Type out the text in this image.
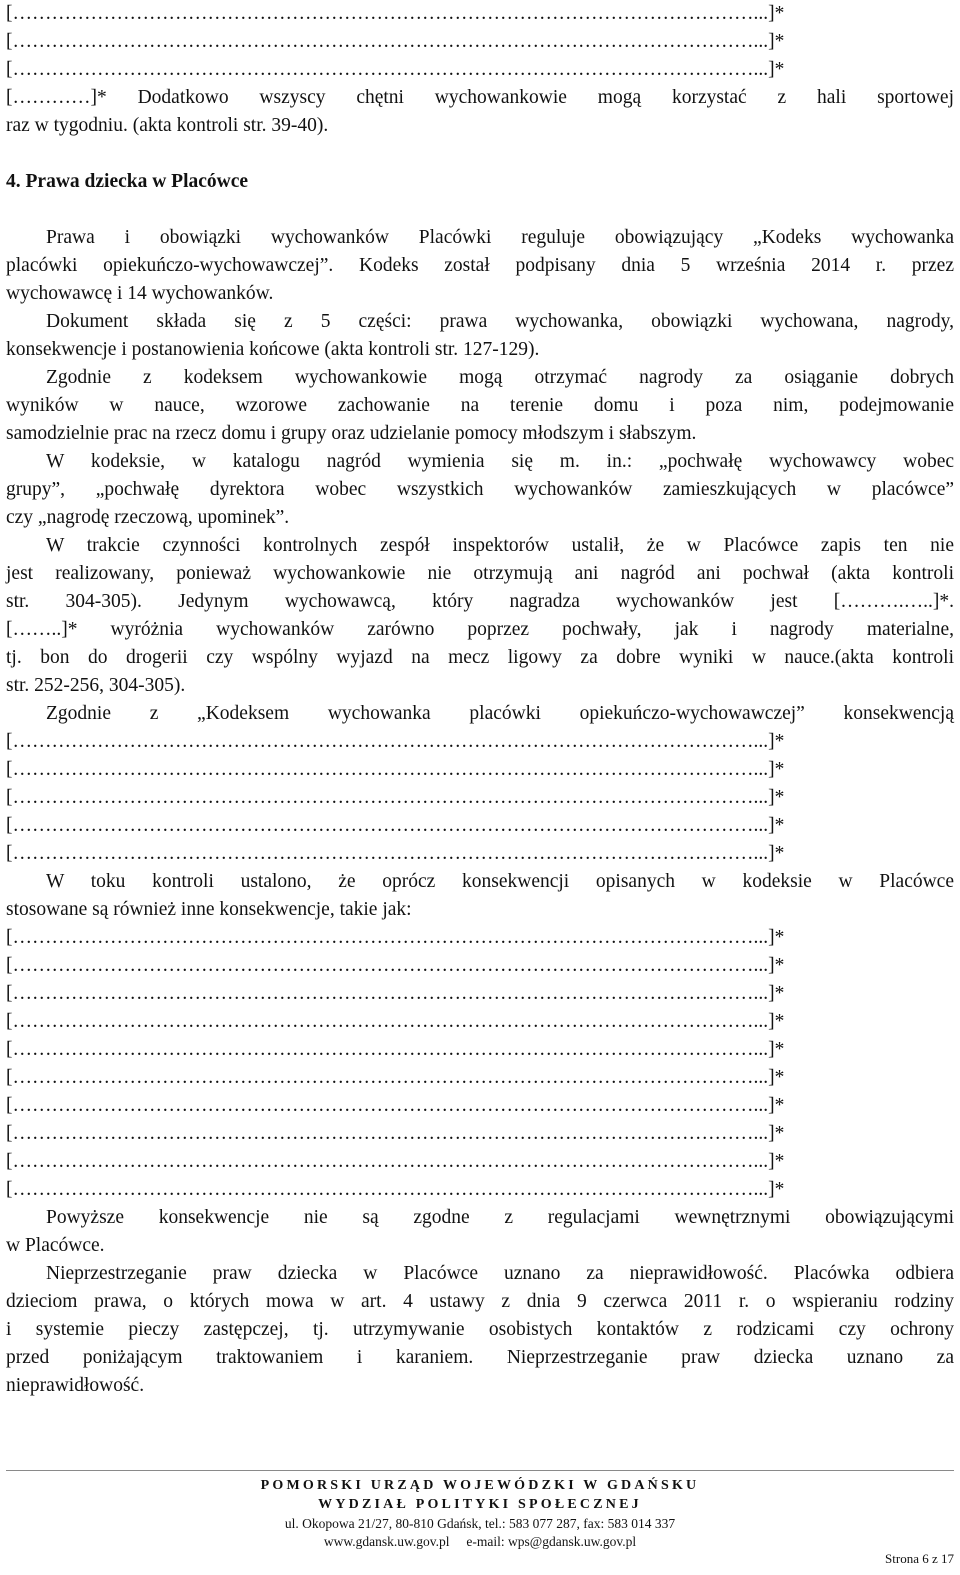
[……………………………………………………………………………………………………...]*
[……………………………………………………………………………………………………...]*
[……………………………………………………………………………………………………...]*
[…………]* Dodatkowo wszyscy chętni wychowankowie mogą korzystać z hali sportowej
raz w tygodniu. (akta kontroli str. 39-40).
4. Prawa dziecka w Placówce
Prawa i obowiązki wychowanków Placówki reguluje obowiązujący „Kodeks wychowanka
placówki opiekuńczo-wychowawczej”. Kodeks został podpisany dnia 5 września 2014 r. przez
wychowawcę i 14 wychowanków.
Dokument składa się z 5 części: prawa wychowanka, obowiązki wychowana, nagrody,
konsekwencje i postanowienia końcowe (akta kontroli str. 127-129).
Zgodnie z kodeksem wychowankowie mogą otrzymać nagrody za osiąganie dobrych
wyników w nauce, wzorowe zachowanie na terenie domu i poza nim, podejmowanie
samodzielnie prac na rzecz domu i grupy oraz udzielanie pomocy młodszym i słabszym.
W kodeksie, w katalogu nagród wymienia się m. in.: „pochwałę wychowawcy wobec
grupy”, „pochwałę dyrektora wobec wszystkich wychowanków zamieszkujących w placówce”
czy „nagrodę rzeczową, upominek”.
W trakcie czynności kontrolnych zespół inspektorów ustalił, że w Placówce zapis ten nie
jest realizowany, ponieważ wychowankowie nie otrzymują ani nagród ani pochwał (akta kontroli
str. 304-305). Jedynym wychowawcą, który nagradza wychowanków jest [……….…..]*.
[……..]* wyróżnia wychowanków zarówno poprzez pochwały, jak i nagrody materialne,
tj. bon do drogerii czy wspólny wyjazd na mecz ligowy za dobre wyniki w nauce.(akta kontroli
str. 252-256, 304-305).
Zgodnie z „Kodeksem wychowanka placówki opiekuńczo-wychowawczej” konsekwencją
[……………………………………………………………………………………………………...]*
[……………………………………………………………………………………………………...]*
[……………………………………………………………………………………………………...]*
[……………………………………………………………………………………………………...]*
[……………………………………………………………………………………………………...]*
W toku kontroli ustalono, że oprócz konsekwencji opisanych w kodeksie w Placówce
stosowane są również inne konsekwencje, takie jak:
[……………………………………………………………………………………………………...]*
[……………………………………………………………………………………………………...]*
[……………………………………………………………………………………………………...]*
[……………………………………………………………………………………………………...]*
[……………………………………………………………………………………………………...]*
[……………………………………………………………………………………………………...]*
[……………………………………………………………………………………………………...]*
[……………………………………………………………………………………………………...]*
[……………………………………………………………………………………………………...]*
[……………………………………………………………………………………………………...]*
Powyższe konsekwencje nie są zgodne z regulacjami wewnętrznymi obowiązującymi
w Placówce.
Nieprzestrzeganie praw dziecka w Placówce uznano za nieprawidłowość. Placówka odbiera
dzieciom prawa, o których mowa w art. 4 ustawy z dnia 9 czerwca 2011 r. o wspieraniu rodziny
i systemie pieczy zastępczej, tj. utrzymywanie osobistych kontaktów z rodzicami czy ochrony
przed poniżającym traktowaniem i karaniem. Nieprzestrzeganie praw dziecka uznano za
nieprawidłowość.
POMORSKI URZĄD WOJEWÓDZKI W GDAŃSKU
WYDZIAŁ POLITYKI SPOŁECZNEJ
ul. Okopowa 21/27, 80-810 Gdańsk, tel.: 583 077 287, fax: 583 014 337
www.gdansk.uw.gov.pl     e-mail: wps@gdansk.uw.gov.pl
Strona 6 z 17
